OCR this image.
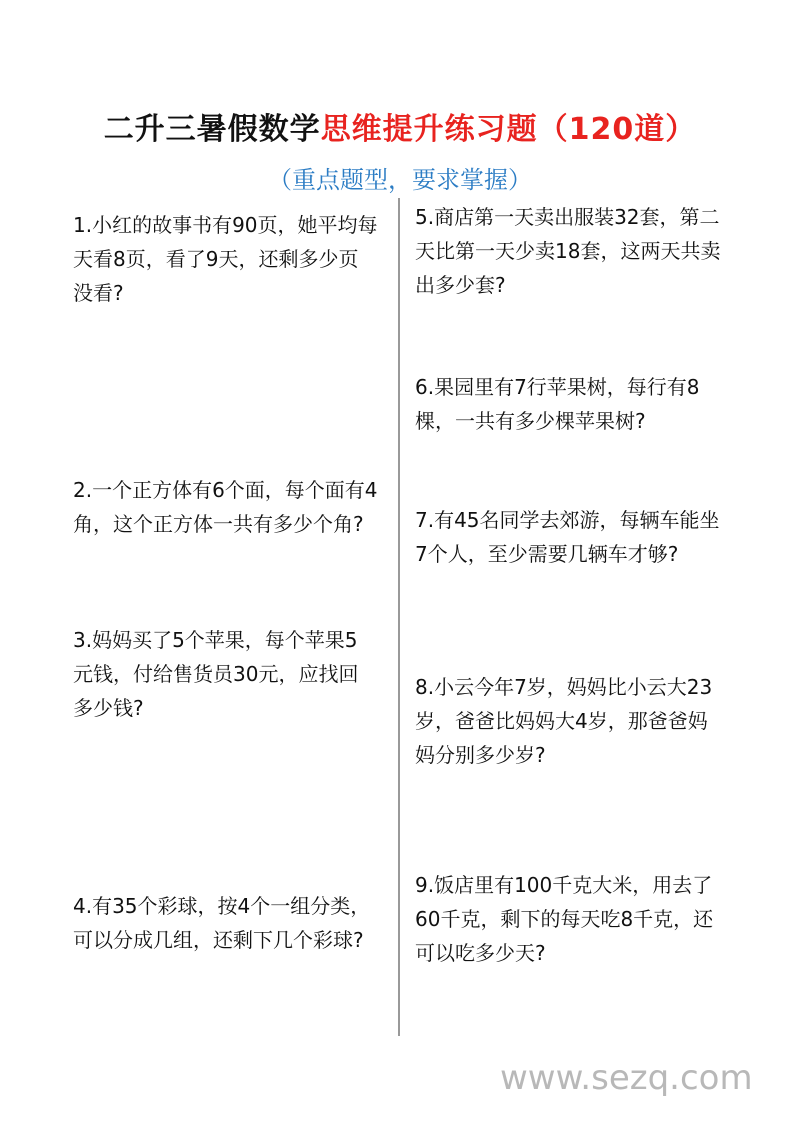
二升三暑假数学思维提升练习题（120道）
（重点题型，要求掌握）
1.小红的故事书有90页，她平均每
天看8页，看了9天，还剩多少页
没看?
2.一个正方体有6个面，每个面有4
角，这个正方体一共有多少个角?
3.妈妈买了5个苹果，每个苹果5
元钱，付给售货员30元，应找回
多少钱?
4.有35个彩球，按4个一组分类，
可以分成几组，还剩下几个彩球?
5.商店第一天卖出服装32套，第二
天比第一天少卖18套，这两天共卖
出多少套?
6.果园里有7行苹果树，每行有8
棵，一共有多少棵苹果树?
7.有45名同学去郊游，每辆车能坐
7个人，至少需要几辆车才够?
8.小云今年7岁，妈妈比小云大23
岁，爸爸比妈妈大4岁，那爸爸妈
妈分别多少岁?
9.饭店里有100千克大米，用去了
60千克，剩下的每天吃8千克，还
可以吃多少天?
www.sezq.com
